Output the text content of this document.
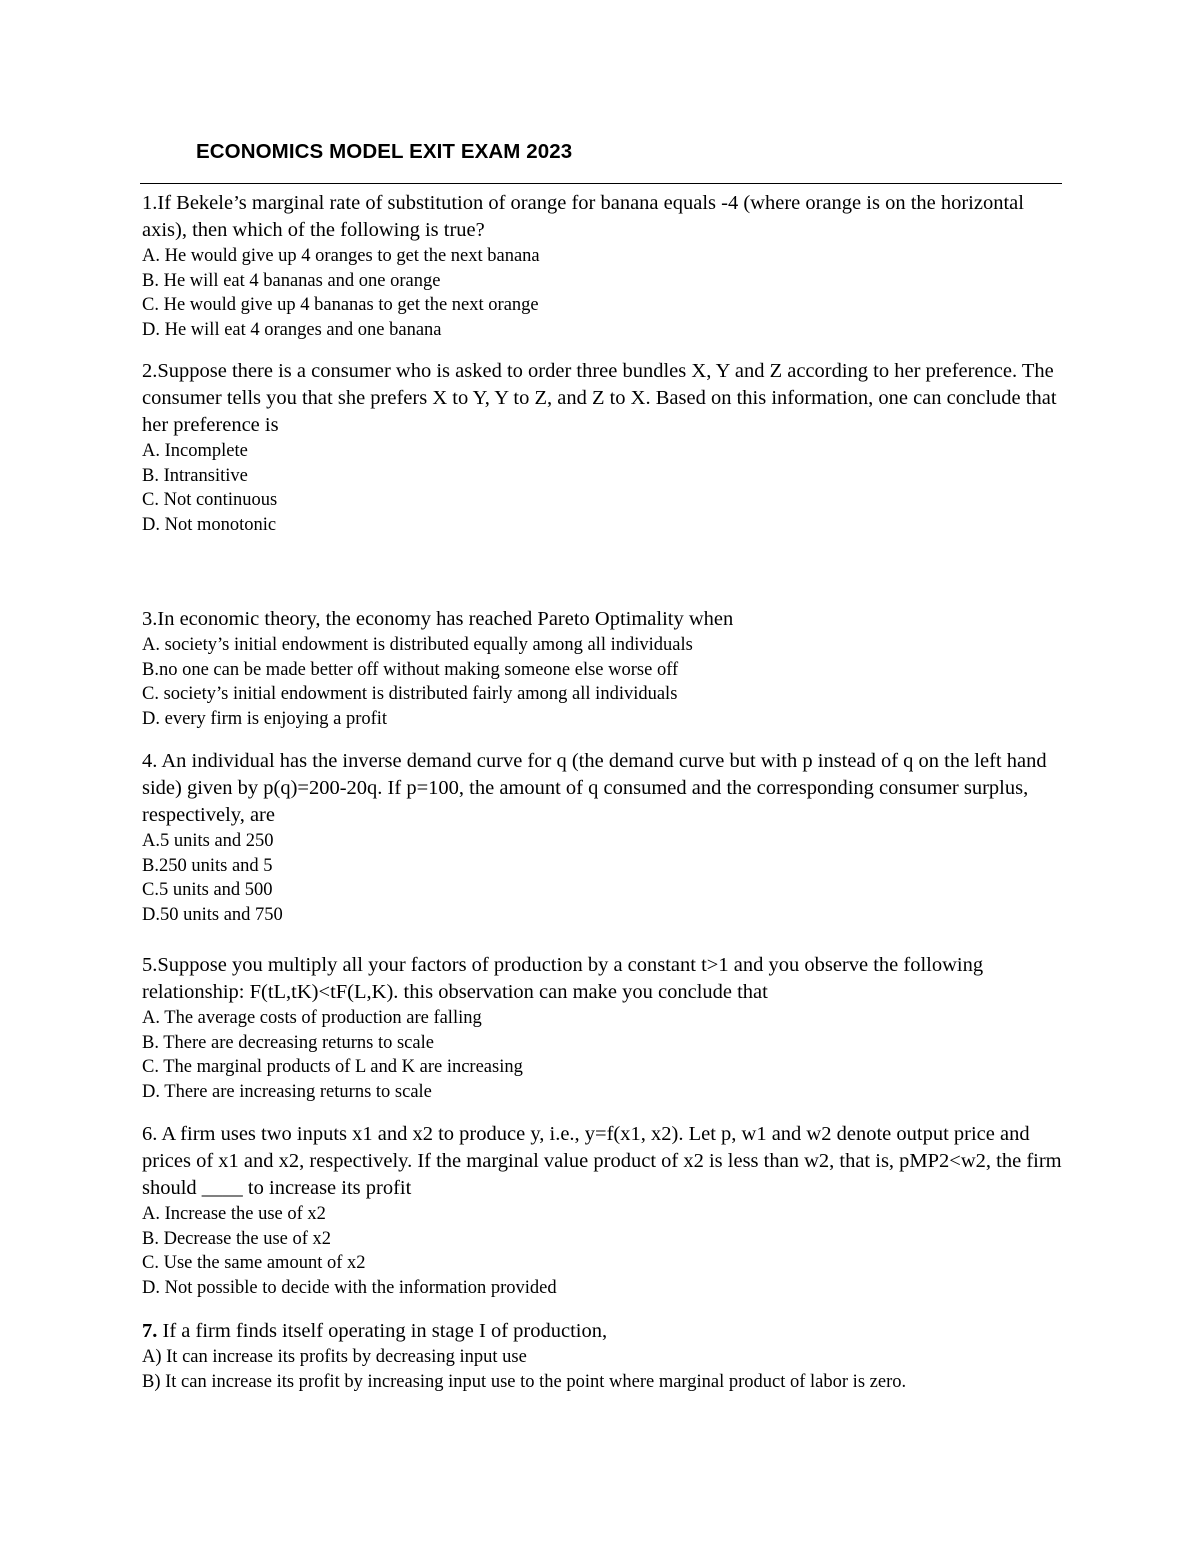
ECONOMICS MODEL EXIT EXAM 2023

1.If Bekele’s marginal rate of substitution of orange for banana equals -4 (where orange is on the horizontal axis), then which of the following is true?

A. He would give up 4 oranges to get the next banana

B. He will eat 4 bananas and one orange

C. He would give up 4 bananas to get the next orange

D. He will eat 4 oranges and one banana

2.Suppose there is a consumer who is asked to order three bundles X, Y and Z according to her preference. The consumer tells you that she prefers X to Y, Y to Z, and Z to X. Based on this information, one can conclude that her preference is

A. Incomplete

B. Intransitive

C. Not continuous

D. Not monotonic

3.In economic theory, the economy has reached Pareto Optimality when

A. society’s initial endowment is distributed equally among all individuals

B.no one can be made better off without making someone else worse off

C. society’s initial endowment is distributed fairly among all individuals

D. every firm is enjoying a profit

4. An individual has the inverse demand curve for q (the demand curve but with p instead of q on the left hand side) given by p(q)=200-20q. If p=100, the amount of q consumed and the corresponding consumer surplus, respectively, are

A.5 units and 250

B.250 units and 5

C.5 units and 500

D.50 units and 750

5.Suppose you multiply all your factors of production by a constant t>1 and you observe the following relationship: F(tL,tK)<tF(L,K). this observation can make you conclude that

A. The average costs of production are falling

B. There are decreasing returns to scale

C. The marginal products of L and K are increasing

D. There are increasing returns to scale

6. A firm uses two inputs x1 and x2 to produce y, i.e., y=f(x1, x2). Let p, w1 and w2 denote output price and prices of x1 and x2, respectively. If the marginal value product of x2 is less than w2, that is, pMP2<w2, the firm should ____ to increase its profit

A. Increase the use of x2

B. Decrease the use of x2

C. Use the same amount of x2

D. Not possible to decide with the information provided

7. If a firm finds itself operating in stage I of production,

A) It can increase its profits by decreasing input use

B) It can increase its profit by increasing input use to the point where marginal product of labor is zero.
